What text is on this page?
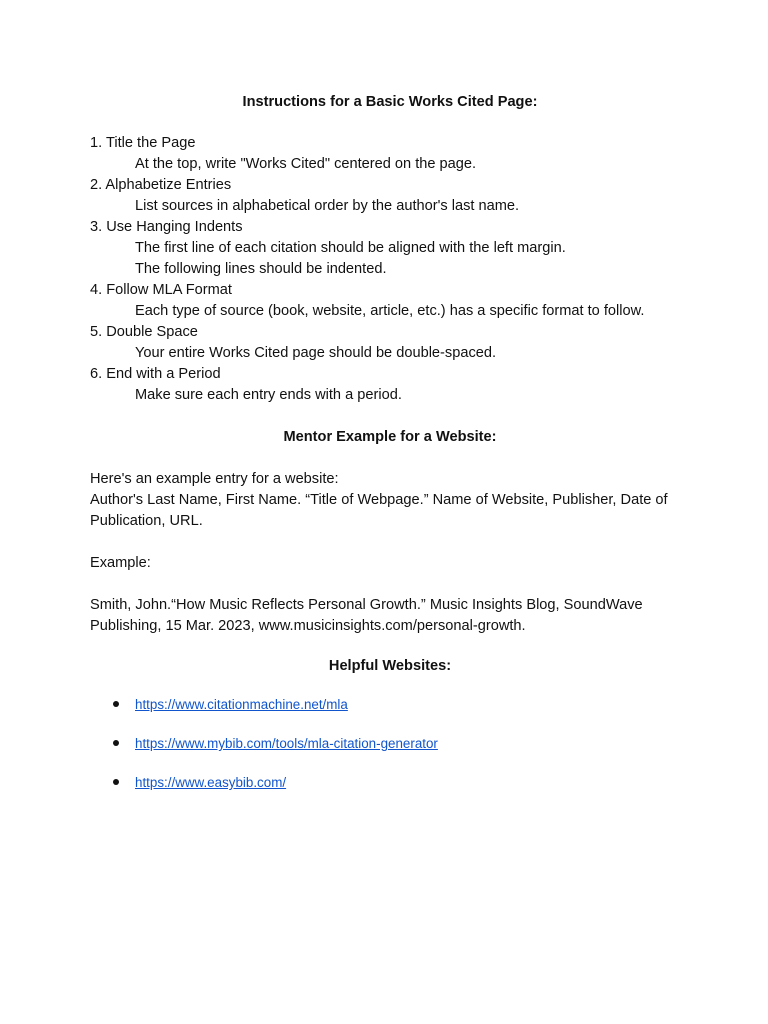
Instructions for a Basic Works Cited Page:

1. Title the Page

At the top, write "Works Cited" centered on the page.

2. Alphabetize Entries

List sources in alphabetical order by the author's last name.

3. Use Hanging Indents

The first line of each citation should be aligned with the left margin.

The following lines should be indented.

4. Follow MLA Format

Each type of source (book, website, article, etc.) has a specific format to follow.

5. Double Space

Your entire Works Cited page should be double-spaced.

6. End with a Period

Make sure each entry ends with a period.

Mentor Example for a Website:

Here's an example entry for a website:

Author's Last Name, First Name. “Title of Webpage.” Name of Website, Publisher, Date of Publication, URL.

Example:

Smith, John.“How Music Reflects Personal Growth.” Music Insights Blog, SoundWave Publishing, 15 Mar. 2023, www.musicinsights.com/personal-growth.

Helpful Websites:

https://www.citationmachine.net/mla
https://www.mybib.com/tools/mla-citation-generator
https://www.easybib.com/
